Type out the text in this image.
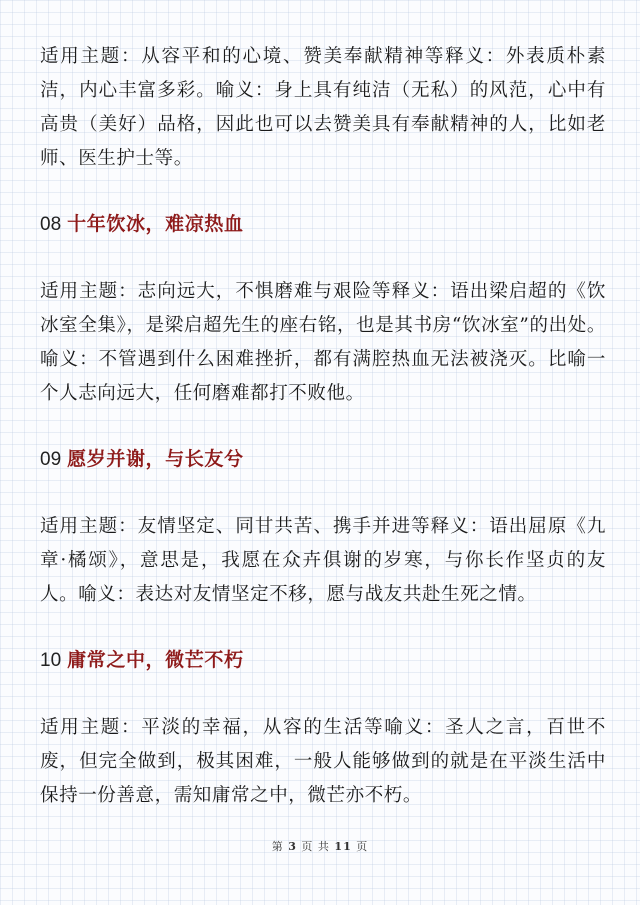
适用主题：从容平和的心境、赞美奉献精神等释义：外表质朴素洁，内心丰富多彩。喻义：身上具有纯洁（无私）的风范，心中有高贵（美好）品格，因此也可以去赞美具有奉献精神的人，比如老师、医生护士等。

08 十年饮冰，难凉热血

适用主题：志向远大，不惧磨难与艰险等释义：语出梁启超的《饮冰室全集》，是梁启超先生的座右铭，也是其书房“饮冰室”的出处。喻义：不管遇到什么困难挫折，都有满腔热血无法被浇灭。比喻一个人志向远大，任何磨难都打不败他。

09 愿岁并谢，与长友兮

适用主题：友情坚定、同甘共苦、携手并进等释义：语出屈原《九章·橘颂》，意思是，我愿在众卉俱谢的岁寒，与你长作坚贞的友人。喻义：表达对友情坚定不移，愿与战友共赴生死之情。

10 庸常之中，微芒不朽

适用主题：平淡的幸福，从容的生活等喻义：圣人之言，百世不废，但完全做到，极其困难，一般人能够做到的就是在平淡生活中保持一份善意，需知庸常之中，微芒亦不朽。

第 3 页 共 11 页
